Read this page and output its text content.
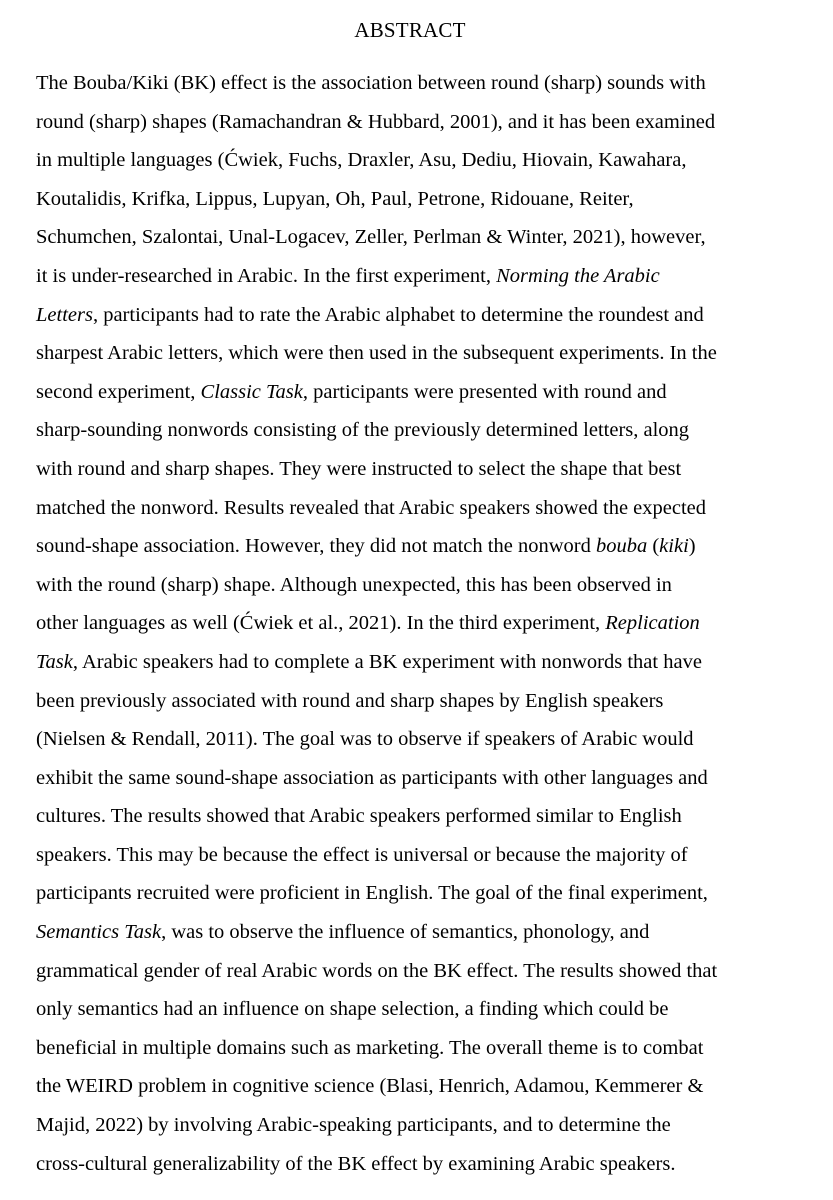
ABSTRACT
The Bouba/Kiki (BK) effect is the association between round (sharp) sounds with
round (sharp) shapes (Ramachandran & Hubbard, 2001), and it has been examined
in multiple languages (Ćwiek, Fuchs, Draxler, Asu, Dediu, Hiovain, Kawahara,
Koutalidis, Krifka, Lippus, Lupyan, Oh, Paul, Petrone, Ridouane, Reiter,
Schumchen, Szalontai, Unal-Logacev, Zeller, Perlman & Winter, 2021), however,
it is under-researched in Arabic. In the first experiment, Norming the Arabic
Letters, participants had to rate the Arabic alphabet to determine the roundest and
sharpest Arabic letters, which were then used in the subsequent experiments. In the
second experiment, Classic Task, participants were presented with round and
sharp-sounding nonwords consisting of the previously determined letters, along
with round and sharp shapes. They were instructed to select the shape that best
matched the nonword. Results revealed that Arabic speakers showed the expected
sound-shape association. However, they did not match the nonword bouba (kiki)
with the round (sharp) shape. Although unexpected, this has been observed in
other languages as well (Ćwiek et al., 2021). In the third experiment, Replication
Task, Arabic speakers had to complete a BK experiment with nonwords that have
been previously associated with round and sharp shapes by English speakers
(Nielsen & Rendall, 2011). The goal was to observe if speakers of Arabic would
exhibit the same sound-shape association as participants with other languages and
cultures. The results showed that Arabic speakers performed similar to English
speakers. This may be because the effect is universal or because the majority of
participants recruited were proficient in English. The goal of the final experiment,
Semantics Task, was to observe the influence of semantics, phonology, and
grammatical gender of real Arabic words on the BK effect. The results showed that
only semantics had an influence on shape selection, a finding which could be
beneficial in multiple domains such as marketing. The overall theme is to combat
the WEIRD problem in cognitive science (Blasi, Henrich, Adamou, Kemmerer &
Majid, 2022) by involving Arabic-speaking participants, and to determine the
cross-cultural generalizability of the BK effect by examining Arabic speakers.
